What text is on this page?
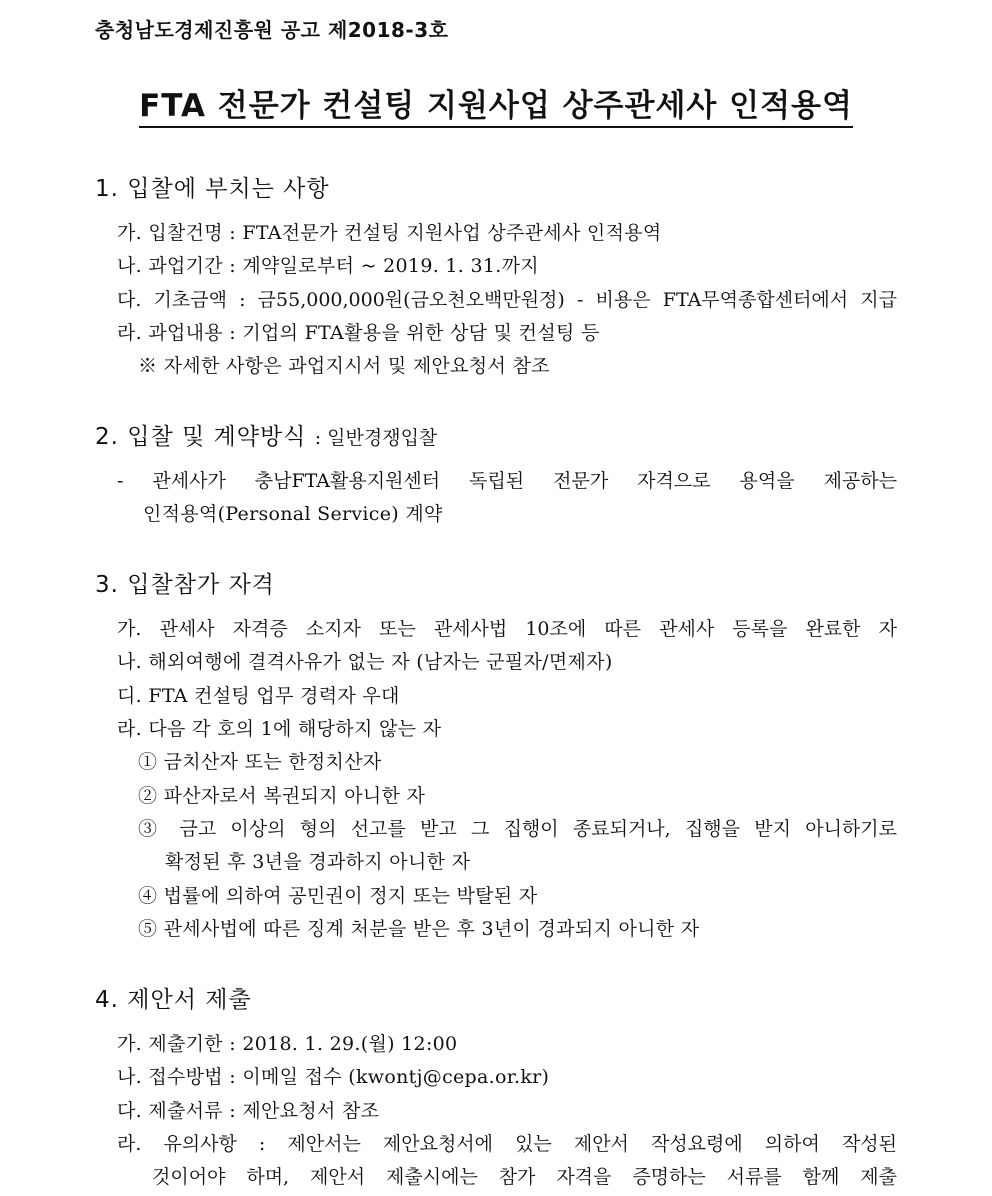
충청남도경제진흥원 공고 제2018-3호
FTA 전문가 컨설팅 지원사업 상주관세사 인적용역
1. 입찰에 부치는 사항
가. 입찰건명 : FTA전문가 컨설팅 지원사업 상주관세사 인적용역
나. 과업기간 : 계약일로부터 ~ 2019. 1. 31.까지
다. 기초금액 : 금55,000,000원(금오천오백만원정) - 비용은 FTA무역종합센터에서 지급
라. 과업내용 : 기업의 FTA활용을 위한 상담 및 컨설팅 등
※ 자세한 사항은 과업지시서 및 제안요청서 참조
2. 입찰 및 계약방식 : 일반경쟁입찰
- 관세사가 충남FTA활용지원센터 독립된 전문가 자격으로 용역을 제공하는
인적용역(Personal Service) 계약
3. 입찰참가 자격
가. 관세사 자격증 소지자 또는 관세사법 10조에 따른 관세사 등록을 완료한 자
나. 해외여행에 결격사유가 없는 자 (남자는 군필자/면제자)
디. FTA 컨설팅 업무 경력자 우대
라. 다음 각 호의 1에 해당하지 않는 자
① 금치산자 또는 한정치산자
② 파산자로서 복권되지 아니한 자
③ 금고 이상의 형의 선고를 받고 그 집행이 종료되거나, 집행을 받지 아니하기로
확정된 후 3년을 경과하지 아니한 자
④ 법률에 의하여 공민권이 정지 또는 박탈된 자
⑤ 관세사법에 따른 징계 처분을 받은 후 3년이 경과되지 아니한 자
4. 제안서 제출
가. 제출기한 : 2018. 1. 29.(월) 12:00
나. 접수방법 : 이메일 접수 (kwontj@cepa.or.kr)
다. 제출서류 : 제안요청서 참조
라. 유의사항 : 제안서는 제안요청서에 있는 제안서 작성요령에 의하여 작성된
것이어야 하며, 제안서 제출시에는 참가 자격을 증명하는 서류를 함께 제출
